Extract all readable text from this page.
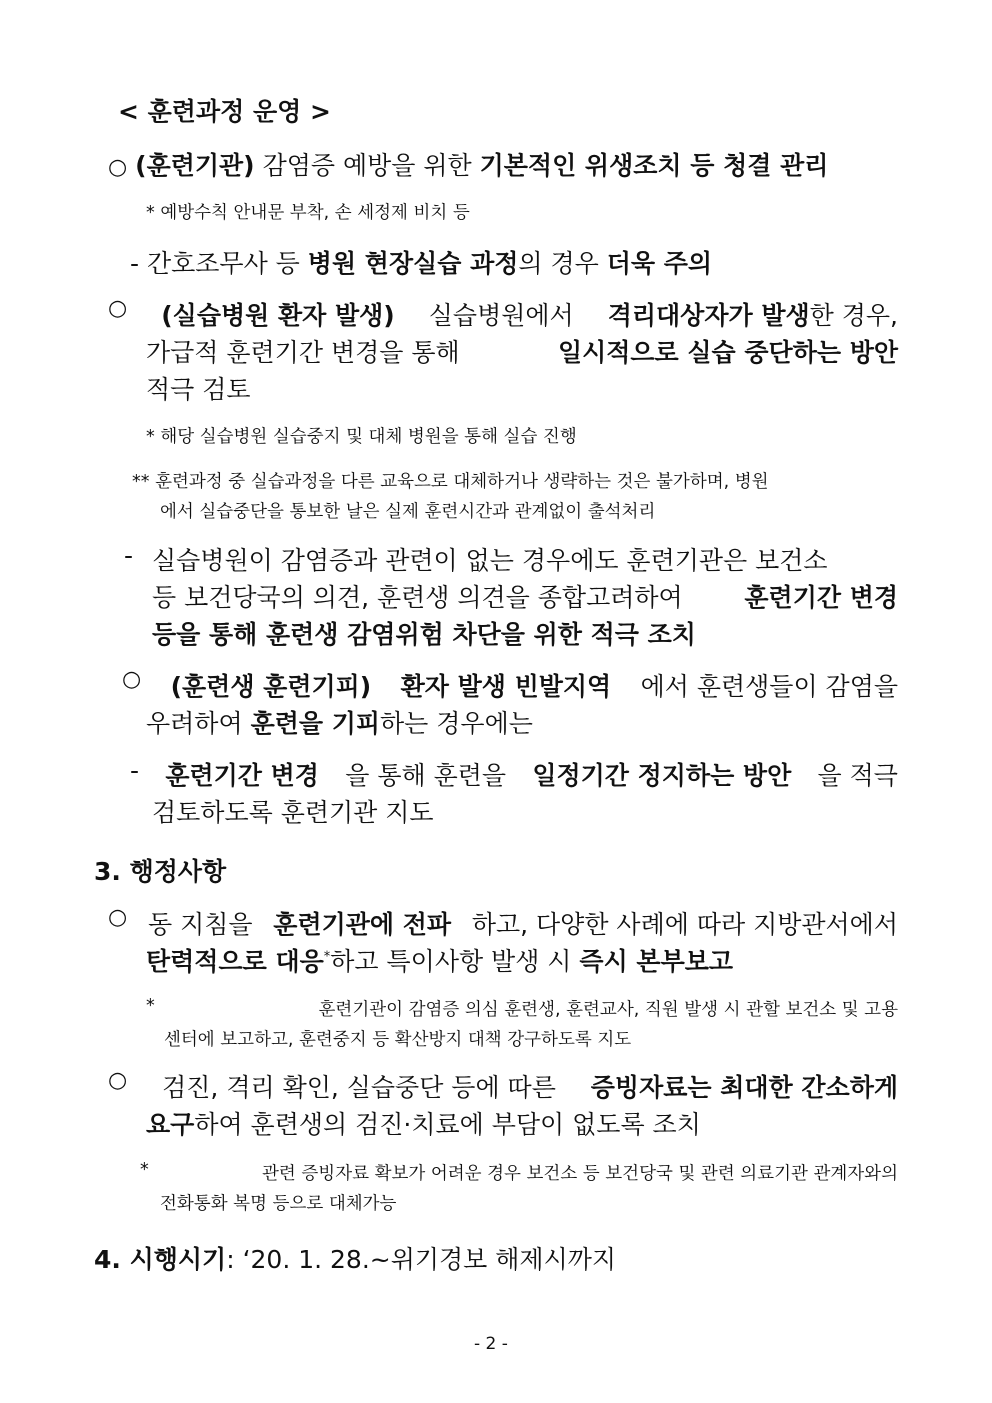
< 훈련과정 운영 >
○ (훈련기관) 감염증 예방을 위한 기본적인 위생조치 등 청결 관리
* 예방수칙 안내문 부착, 손 세정제 비치 등
- 간호조무사 등 병원 현장실습 과정의 경우 더욱 주의
○ (실습병원 환자 발생) 실습병원에서 격리대상자가 발생한 경우,
가급적 훈련기간 변경을 통해	일시적으로 실습 중단하는 방안
적극 검토
* 해당 실습병원 실습중지 및 대체 병원을 통해 실습 진행
** 훈련과정 중 실습과정을 다른 교육으로 대체하거나 생략하는 것은 불가하며, 병원
에서 실습중단을 통보한 날은 실제 훈련시간과 관계없이 출석처리
- 실습병원이 감염증과 관련이 없는 경우에도 훈련기관은 보건소
등 보건당국의 의견, 훈련생 의견을 종합고려하여 훈련기간 변경
등을 통해 훈련생 감염위험 차단을 위한 적극 조치
○ (훈련생 훈련기피) 환자 발생 빈발지역 에서 훈련생들이 감염을
우려하여 훈련을 기피하는 경우에는
- 훈련기간 변경 을 통해 훈련을 일정기간 정지하는 방안 을 적극
검토하도록 훈련기관 지도
3. 행정사항
○ 동 지침을 훈련기관에 전파 하고, 다양한 사례에 따라 지방관서에서
탄력적으로 대응*하고 특이사항 발생 시 즉시 본부보고
*	훈련기관이 감염증 의심 훈련생, 훈련교사, 직원 발생 시 관할 보건소 및 고용
센터에 보고하고, 훈련중지 등 확산방지 대책 강구하도록 지도
○ 검진, 격리 확인, 실습중단 등에 따른 증빙자료는 최대한 간소하게
요구하여 훈련생의 검진·치료에 부담이 없도록 조치
*	관련 증빙자료 확보가 어려운 경우 보건소 등 보건당국 및 관련 의료기관 관계자와의
전화통화 복명 등으로 대체가능
4. 시행시기: ‘20. 1. 28.~위기경보 해제시까지
- 2 -
